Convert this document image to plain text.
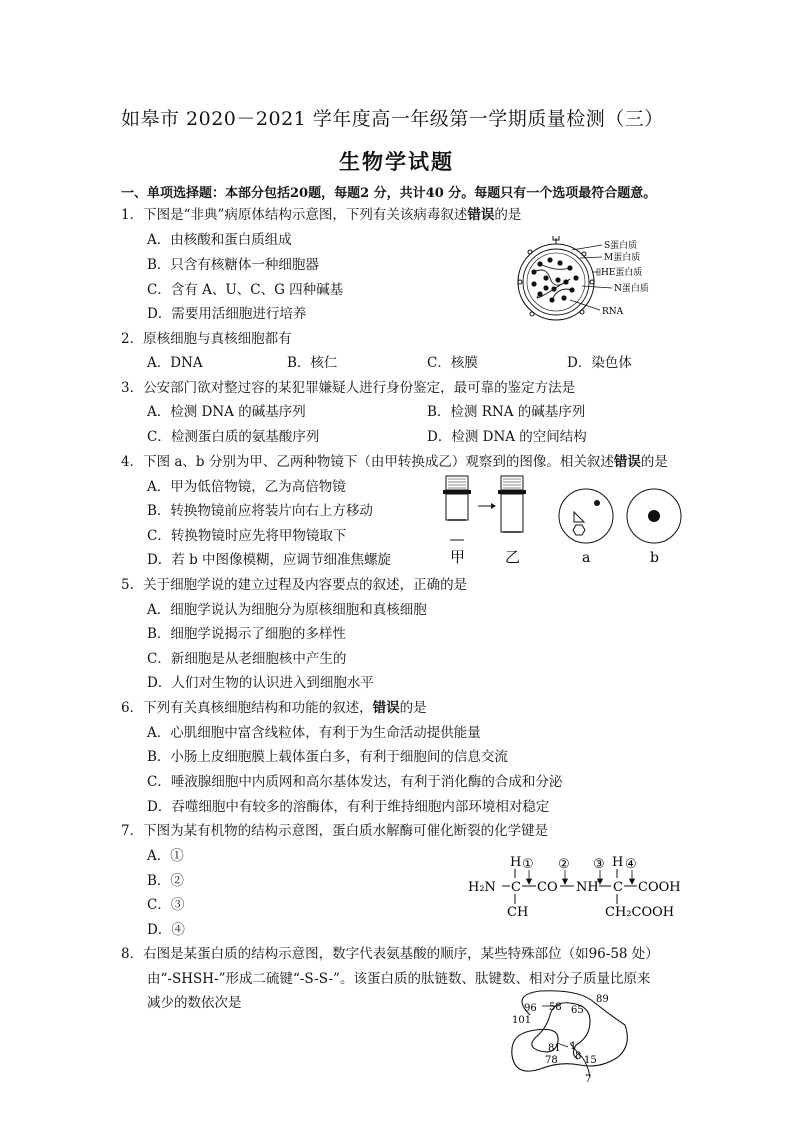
如皋市 2020－2021 学年度高一年级第一学期质量检测（三）
生物学试题
一、单项选择题：本部分包括20题，每题2 分，共计40 分。每题只有一个选项最符合题意。
1．下图是“非典”病原体结构示意图，下列有关该病毒叙述错误的是
A．由核酸和蛋白质组成
B．只含有核糖体一种细胞器
C．含有 A、U、C、G 四种碱基
D．需要用活细胞进行培养
S蛋白质
M蛋白质
HE蛋白质
N蛋白质
RNA
2．原核细胞与真核细胞都有
A．DNA	B．核仁	C．核膜	D．染色体
3．公安部门欲对整过容的某犯罪嫌疑人进行身份鉴定，最可靠的鉴定方法是
A．检测 DNA 的碱基序列	B．检测 RNA 的碱基序列
C．检测蛋白质的氨基酸序列	D．检测 DNA 的空间结构
4．下图 a、b 分别为甲、乙两种物镜下（由甲转换成乙）观察到的图像。相关叙述错误的是
A．甲为低倍物镜，乙为高倍物镜
B．转换物镜前应将装片向右上方移动
C．转换物镜时应先将甲物镜取下
D．若 b 中图像模糊，应调节细准焦螺旋	甲	乙	a	b
5．关于细胞学说的建立过程及内容要点的叙述，正确的是
A．细胞学说认为细胞分为原核细胞和真核细胞
B．细胞学说揭示了细胞的多样性
C．新细胞是从老细胞核中产生的
D．人们对生物的认识进入到细胞水平
6．下列有关真核细胞结构和功能的叙述，错误的是
A．心肌细胞中富含线粒体，有利于为生命活动提供能量
B．小肠上皮细胞膜上载体蛋白多，有利于细胞间的信息交流
C．唾液腺细胞中内质网和高尔基体发达，有利于消化酶的合成和分泌
D．吞噬细胞中有较多的溶酶体，有利于维持细胞内部环境相对稳定
7．下图为某有机物的结构示意图，蛋白质水解酶可催化断裂的化学键是
A．①
B．②
C．③
D．④
H ① ② ③ H ④
H₂N C CO NH C COOH
CH	CH₂COOH
8．右图是某蛋白质的结构示意图，数字代表氨基酸的顺序，某些特殊部位（如96-58 处）
由“-SHSH-”形成二硫键“-S-S-”。该蛋白质的肽链数、肽键数、相对分子质量比原来
减少的数依次是	89
96 58 65
101
81 1
78 8 15
7
